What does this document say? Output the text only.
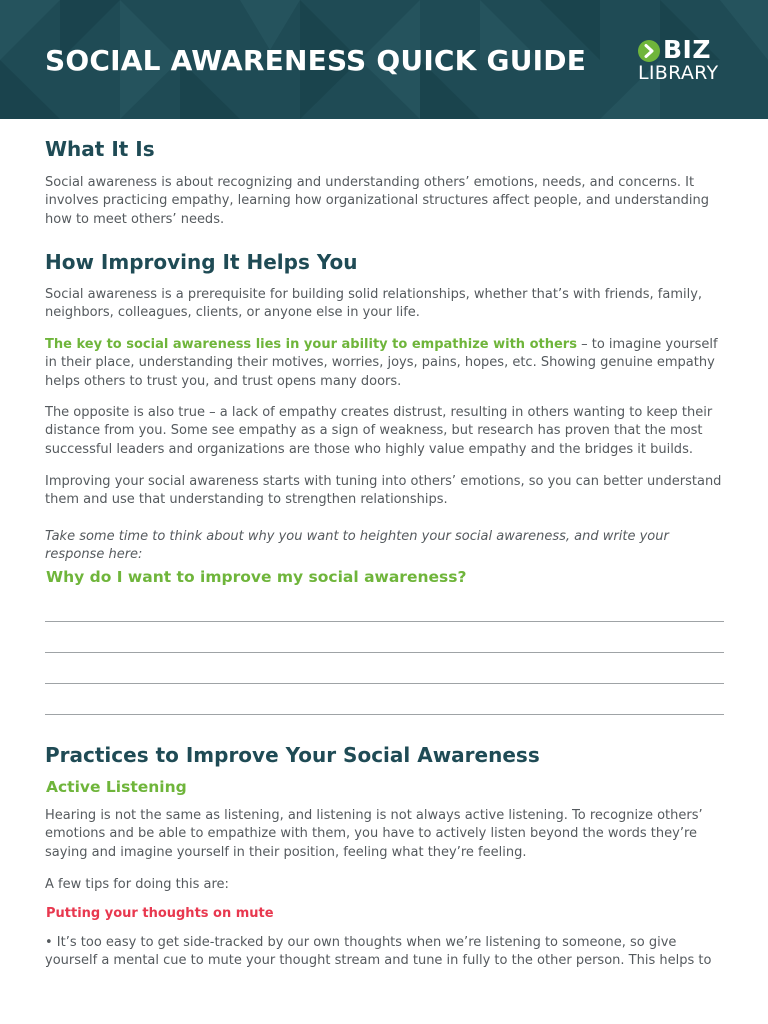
SOCIAL AWARENESS QUICK GUIDE	BIZ
LIBRARY
What It Is

Social awareness is about recognizing and understanding others’ emotions, needs, and concerns. It involves practicing empathy, learning how organizational structures affect people, and understanding how to meet others’ needs.

How Improving It Helps You

Social awareness is a prerequisite for building solid relationships, whether that’s with friends, family, neighbors, colleagues, clients, or anyone else in your life.

The key to social awareness lies in your ability to empathize with others – to imagine yourself in their place, understanding their motives, worries, joys, pains, hopes, etc. Showing genuine empathy helps others to trust you, and trust opens many doors.

The opposite is also true – a lack of empathy creates distrust, resulting in others wanting to keep their distance from you. Some see empathy as a sign of weakness, but research has proven that the most successful leaders and organizations are those who highly value empathy and the bridges it builds.

Improving your social awareness starts with tuning into others’ emotions, so you can better understand them and use that understanding to strengthen relationships.

Take some time to think about why you want to heighten your social awareness, and write your response here:

Why do I want to improve my social awareness?
Practices to Improve Your Social Awareness
Active Listening

Hearing is not the same as listening, and listening is not always active listening. To recognize others’ emotions and be able to empathize with them, you have to actively listen beyond the words they’re saying and imagine yourself in their position, feeling what they’re feeling.

A few tips for doing this are:

Putting your thoughts on mute

• It’s too easy to get side-tracked by our own thoughts when we’re listening to someone, so give yourself a mental cue to mute your thought stream and tune in fully to the other person. This helps to
